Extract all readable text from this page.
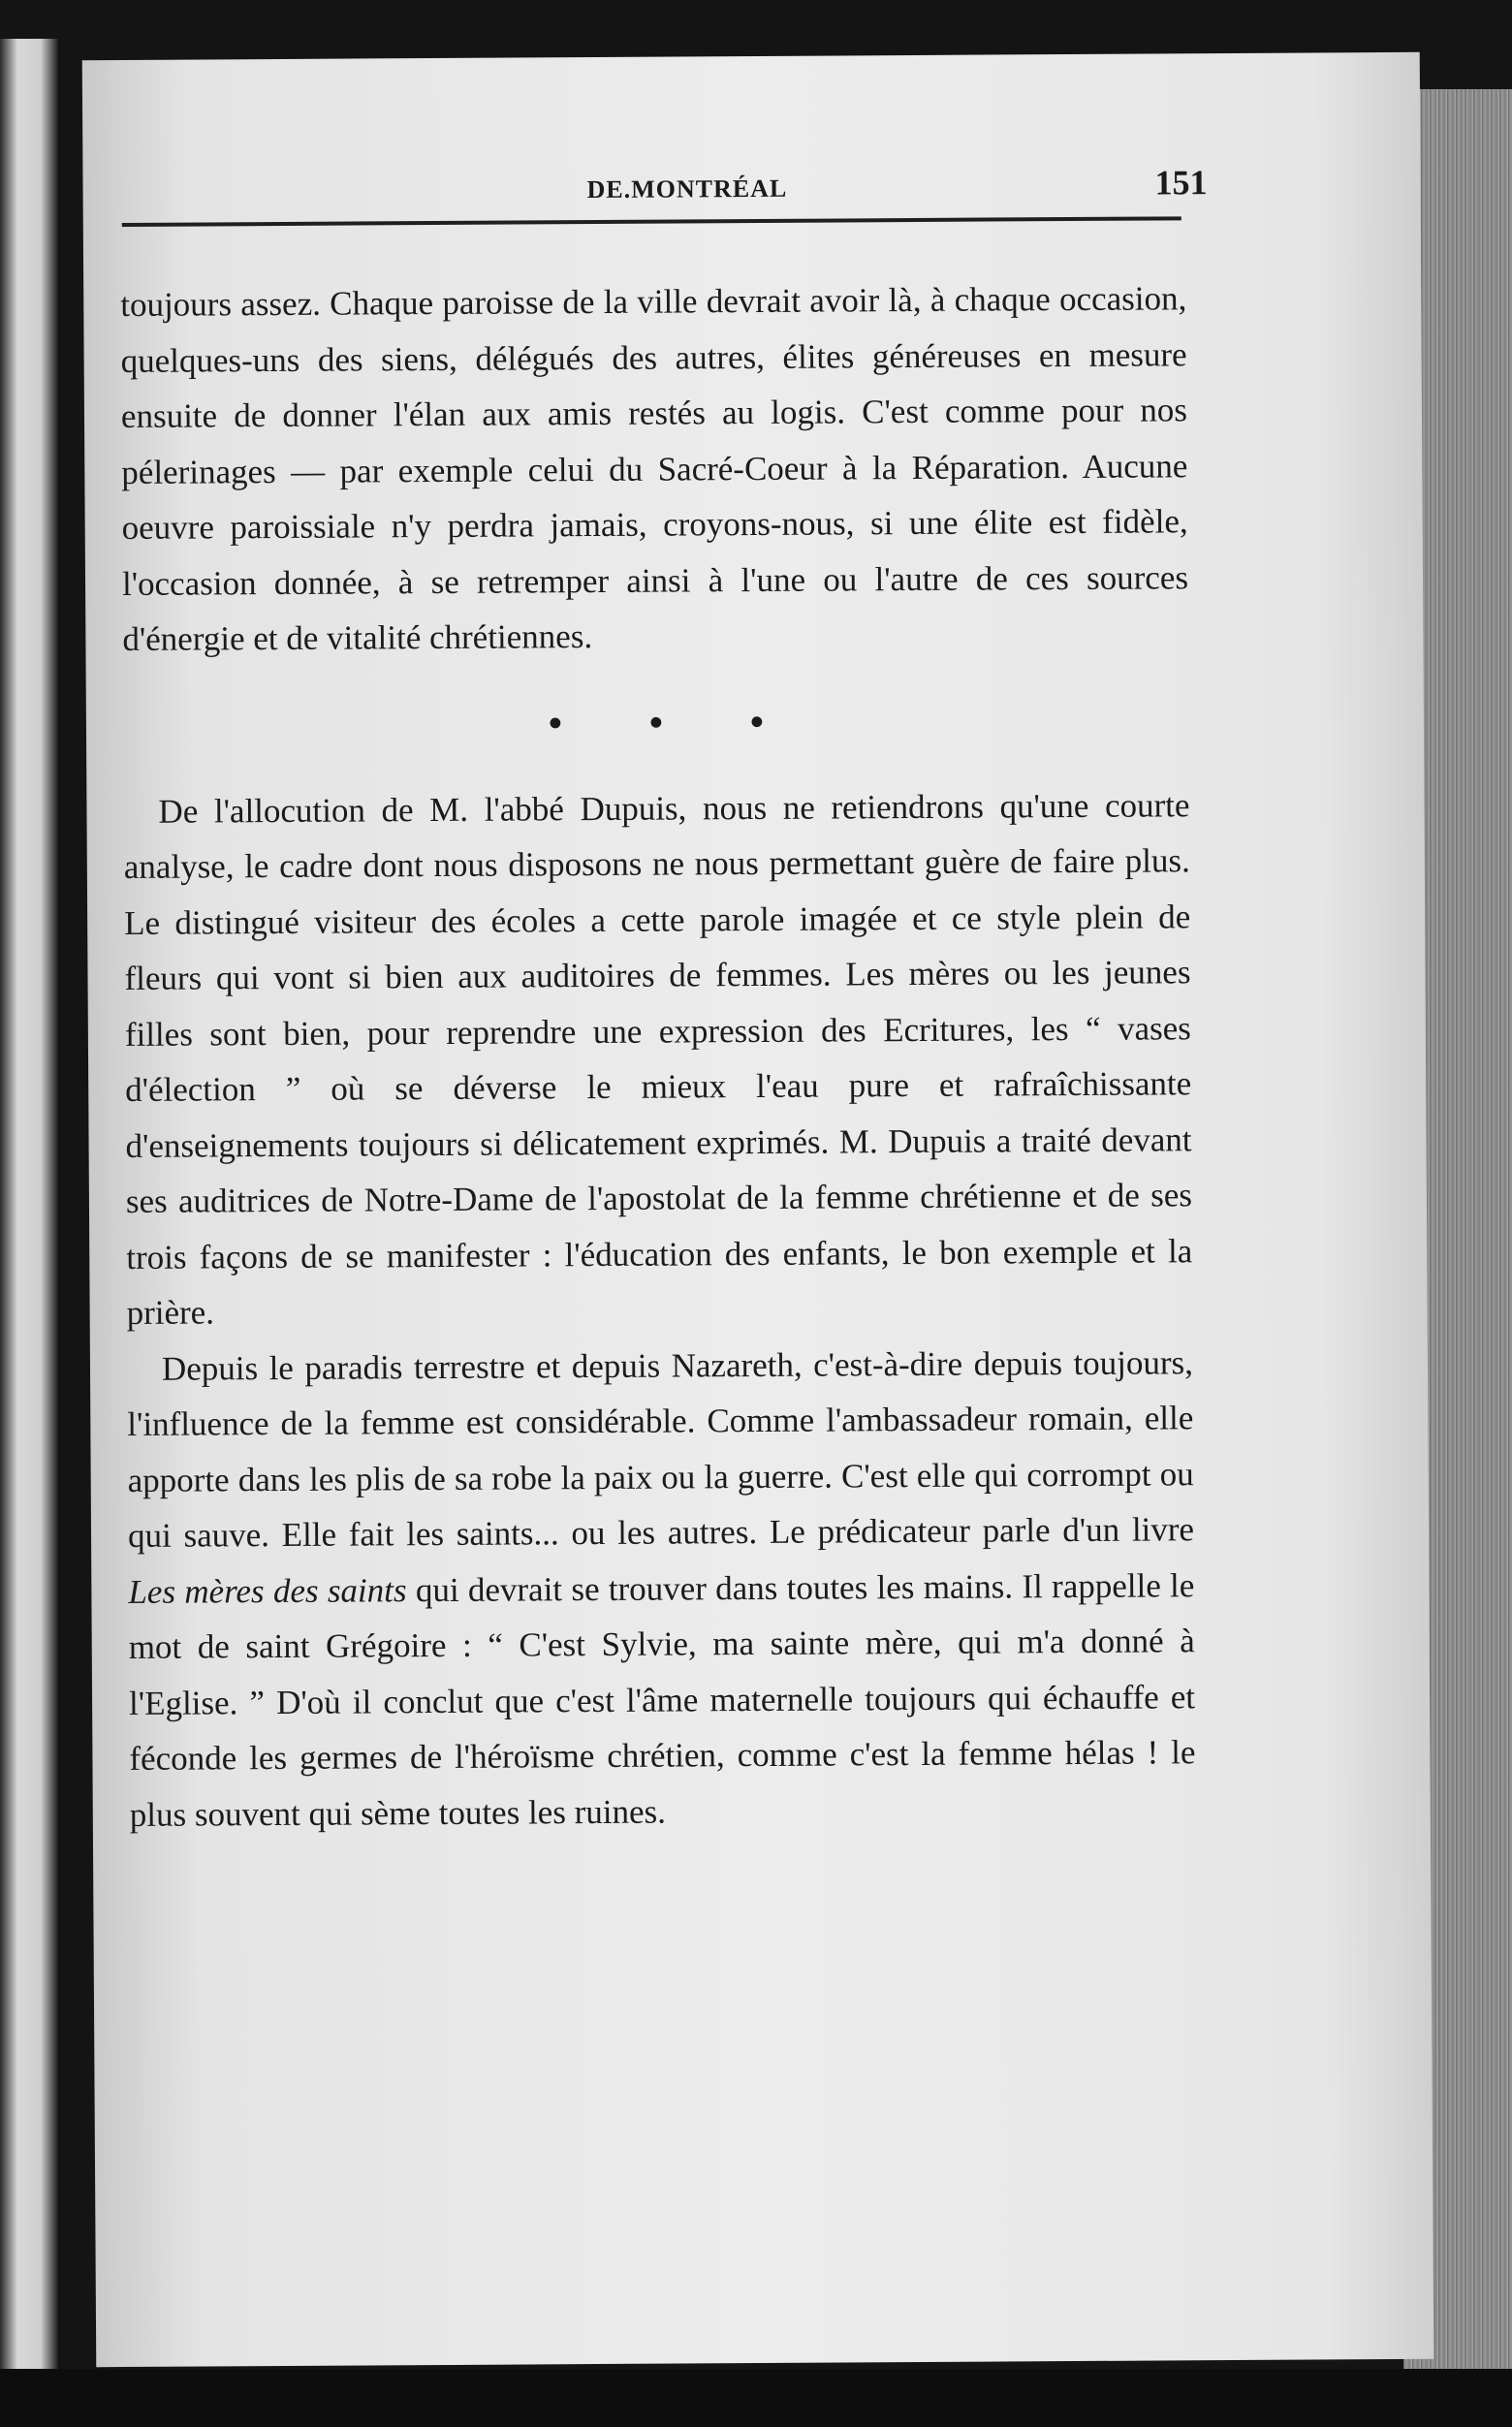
DE.MONTRÉAL	151

toujours assez. Chaque paroisse de la ville devrait avoir là, à chaque occasion, quelques-uns des siens, délégués des autres, élites généreuses en mesure ensuite de donner l'élan aux amis restés au logis. C'est comme pour nos pélerinages — par exemple celui du Sacré-Coeur à la Réparation. Aucune oeuvre paroissiale n'y perdra jamais, croyons-nous, si une élite est fidèle, l'occasion donnée, à se retremper ainsi à l'une ou l'autre de ces sources d'énergie et de vitalité chrétiennes.

• • •

De l'allocution de M. l'abbé Dupuis, nous ne retiendrons qu'une courte analyse, le cadre dont nous disposons ne nous permettant guère de faire plus. Le distingué visiteur des écoles a cette parole imagée et ce style plein de fleurs qui vont si bien aux auditoires de femmes. Les mères ou les jeunes filles sont bien, pour reprendre une expression des Ecritures, les “ vases d'élection ” où se déverse le mieux l'eau pure et rafraîchissante d'enseignements toujours si délicatement exprimés. M. Dupuis a traité devant ses auditrices de Notre-Dame de l'apostolat de la femme chrétienne et de ses trois façons de se manifester : l'éducation des enfants, le bon exemple et la prière.

Depuis le paradis terrestre et depuis Nazareth, c'est-à-dire depuis toujours, l'influence de la femme est considérable. Comme l'ambassadeur romain, elle apporte dans les plis de sa robe la paix ou la guerre. C'est elle qui corrompt ou qui sauve. Elle fait les saints... ou les autres. Le prédicateur parle d'un livre Les mères des saints qui devrait se trouver dans toutes les mains. Il rappelle le mot de saint Grégoire : “ C'est Sylvie, ma sainte mère, qui m'a donné à l'Eglise. ” D'où il conclut que c'est l'âme maternelle toujours qui échauffe et féconde les germes de l'héroïsme chrétien, comme c'est la femme hélas ! le plus souvent qui sème toutes les ruines.
